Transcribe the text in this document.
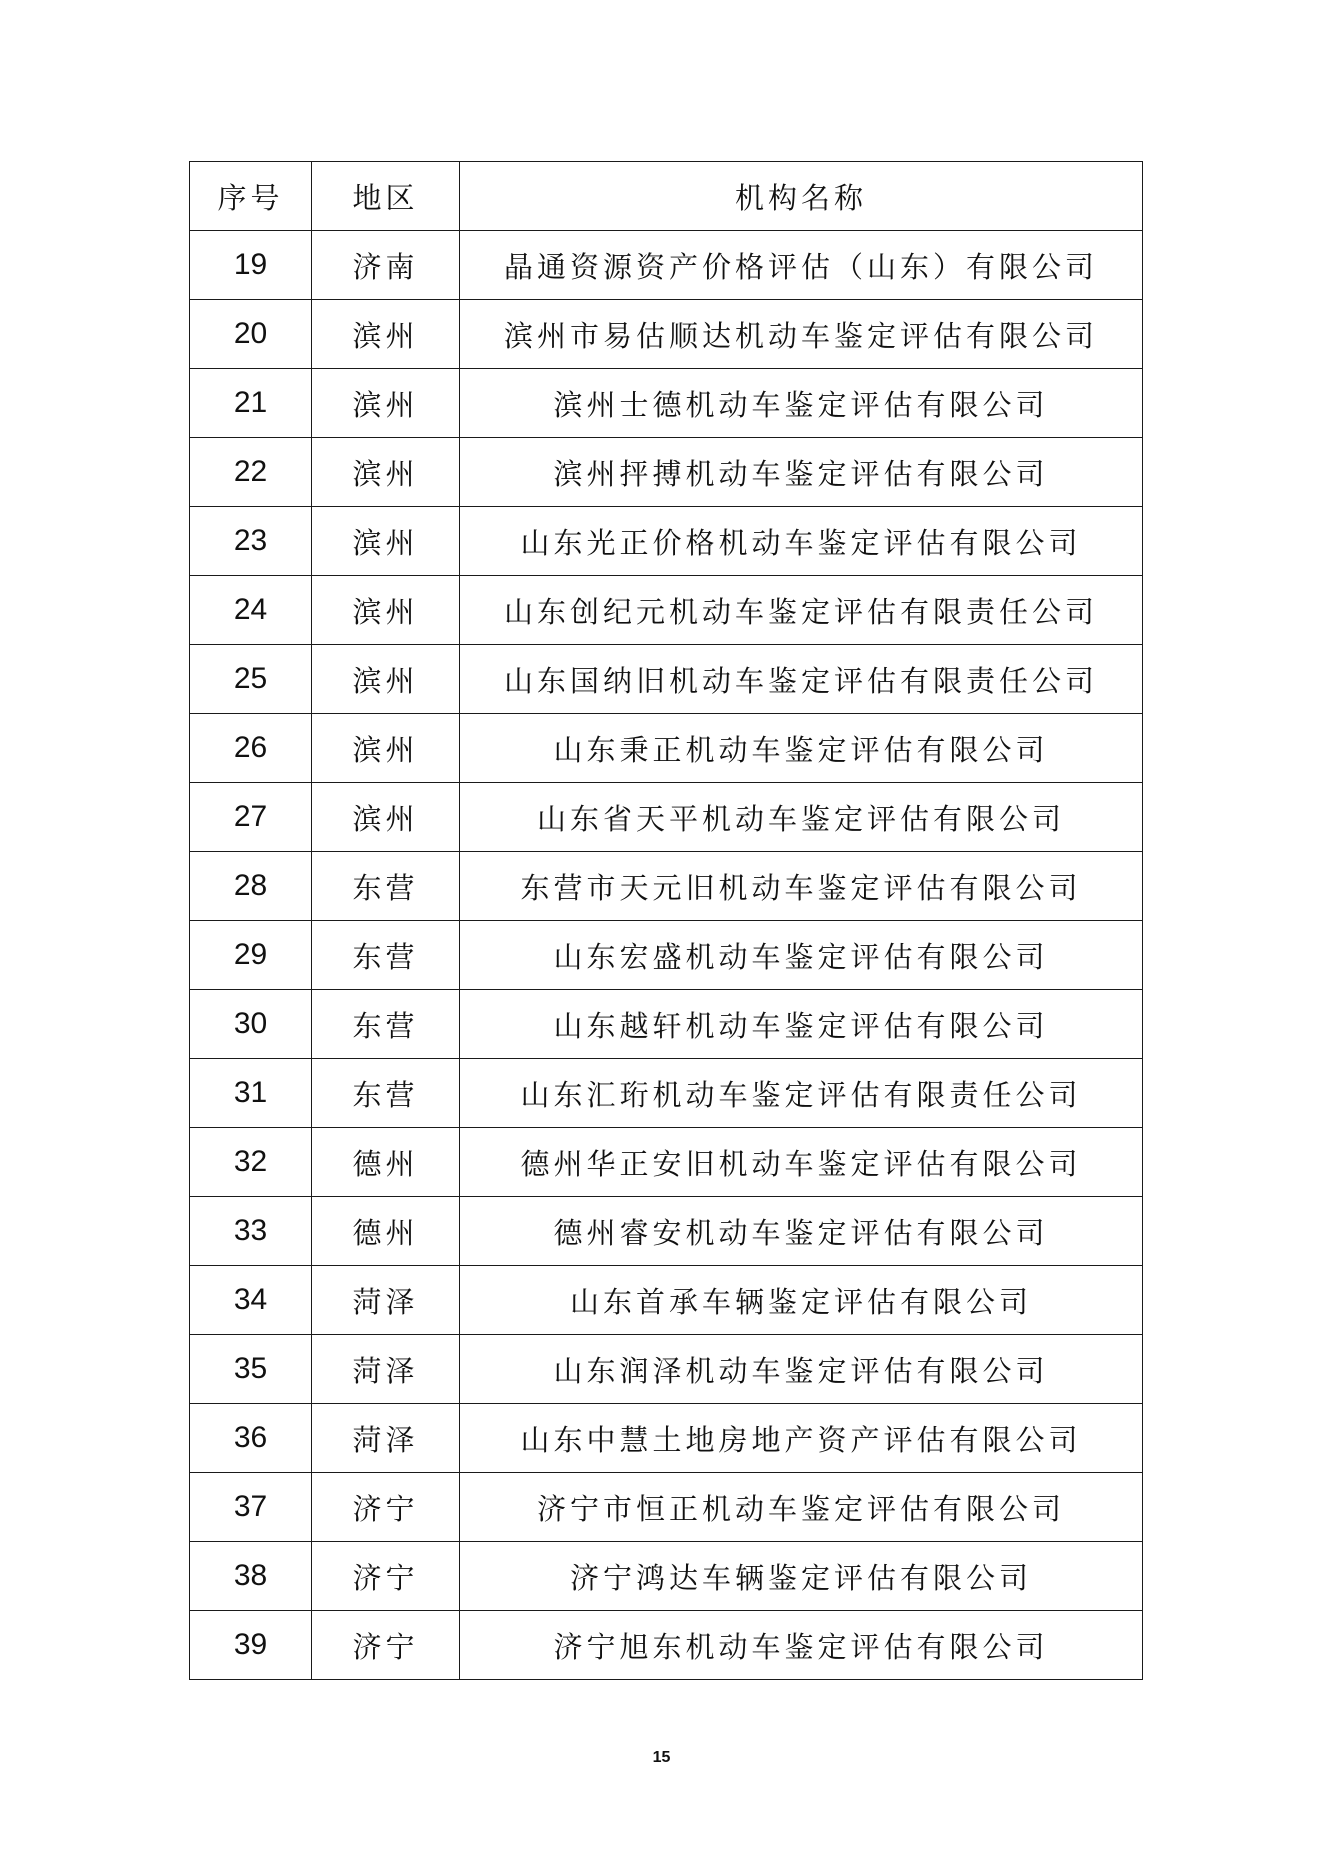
序号	地区	机构名称
19	济南	晶通资源资产价格评估（山东）有限公司
20	滨州	滨州市易估顺达机动车鉴定评估有限公司
21	滨州	滨州士德机动车鉴定评估有限公司
22	滨州	滨州抨搏机动车鉴定评估有限公司
23	滨州	山东光正价格机动车鉴定评估有限公司
24	滨州	山东创纪元机动车鉴定评估有限责任公司
25	滨州	山东国纳旧机动车鉴定评估有限责任公司
26	滨州	山东秉正机动车鉴定评估有限公司
27	滨州	山东省天平机动车鉴定评估有限公司
28	东营	东营市天元旧机动车鉴定评估有限公司
29	东营	山东宏盛机动车鉴定评估有限公司
30	东营	山东越轩机动车鉴定评估有限公司
31	东营	山东汇珩机动车鉴定评估有限责任公司
32	德州	德州华正安旧机动车鉴定评估有限公司
33	德州	德州睿安机动车鉴定评估有限公司
34	菏泽	山东首承车辆鉴定评估有限公司
35	菏泽	山东润泽机动车鉴定评估有限公司
36	菏泽	山东中慧土地房地产资产评估有限公司
37	济宁	济宁市恒正机动车鉴定评估有限公司
38	济宁	济宁鸿达车辆鉴定评估有限公司
39	济宁	济宁旭东机动车鉴定评估有限公司
15
